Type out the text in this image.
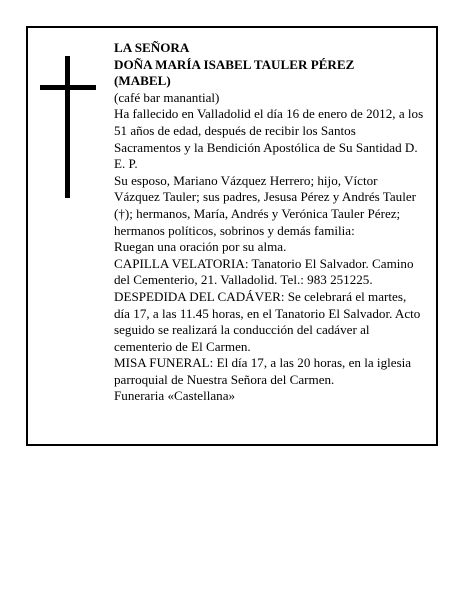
LA SEÑORA

DOÑA MARÍA ISABEL TAULER PÉREZ

(MABEL)

(café bar manantial)

Ha fallecido en Valladolid el día 16 de enero de 2012, a los 51 años de edad, después de recibir los Santos Sacramentos y la Bendición Apostólica de Su Santidad D. E. P.

Su esposo, Mariano Vázquez Herrero; hijo, Víctor Vázquez Tauler; sus padres, Jesusa Pérez y Andrés Tauler (†); hermanos, María, Andrés y Verónica Tauler Pérez; hermanos políticos, sobrinos y demás familia:

Ruegan una oración por su alma.

CAPILLA VELATORIA: Tanatorio El Salvador. Camino del Cementerio, 21. Valladolid. Tel.: 983 251225.

DESPEDIDA DEL CADÁVER: Se celebrará el martes, día 17, a las 11.45 horas, en el Tanatorio El Salvador. Acto seguido se realizará la conducción del cadáver al cementerio de El Carmen.

MISA FUNERAL: El día 17, a las 20 horas, en la iglesia parroquial de Nuestra Señora del Carmen.

Funeraria «Castellana»
